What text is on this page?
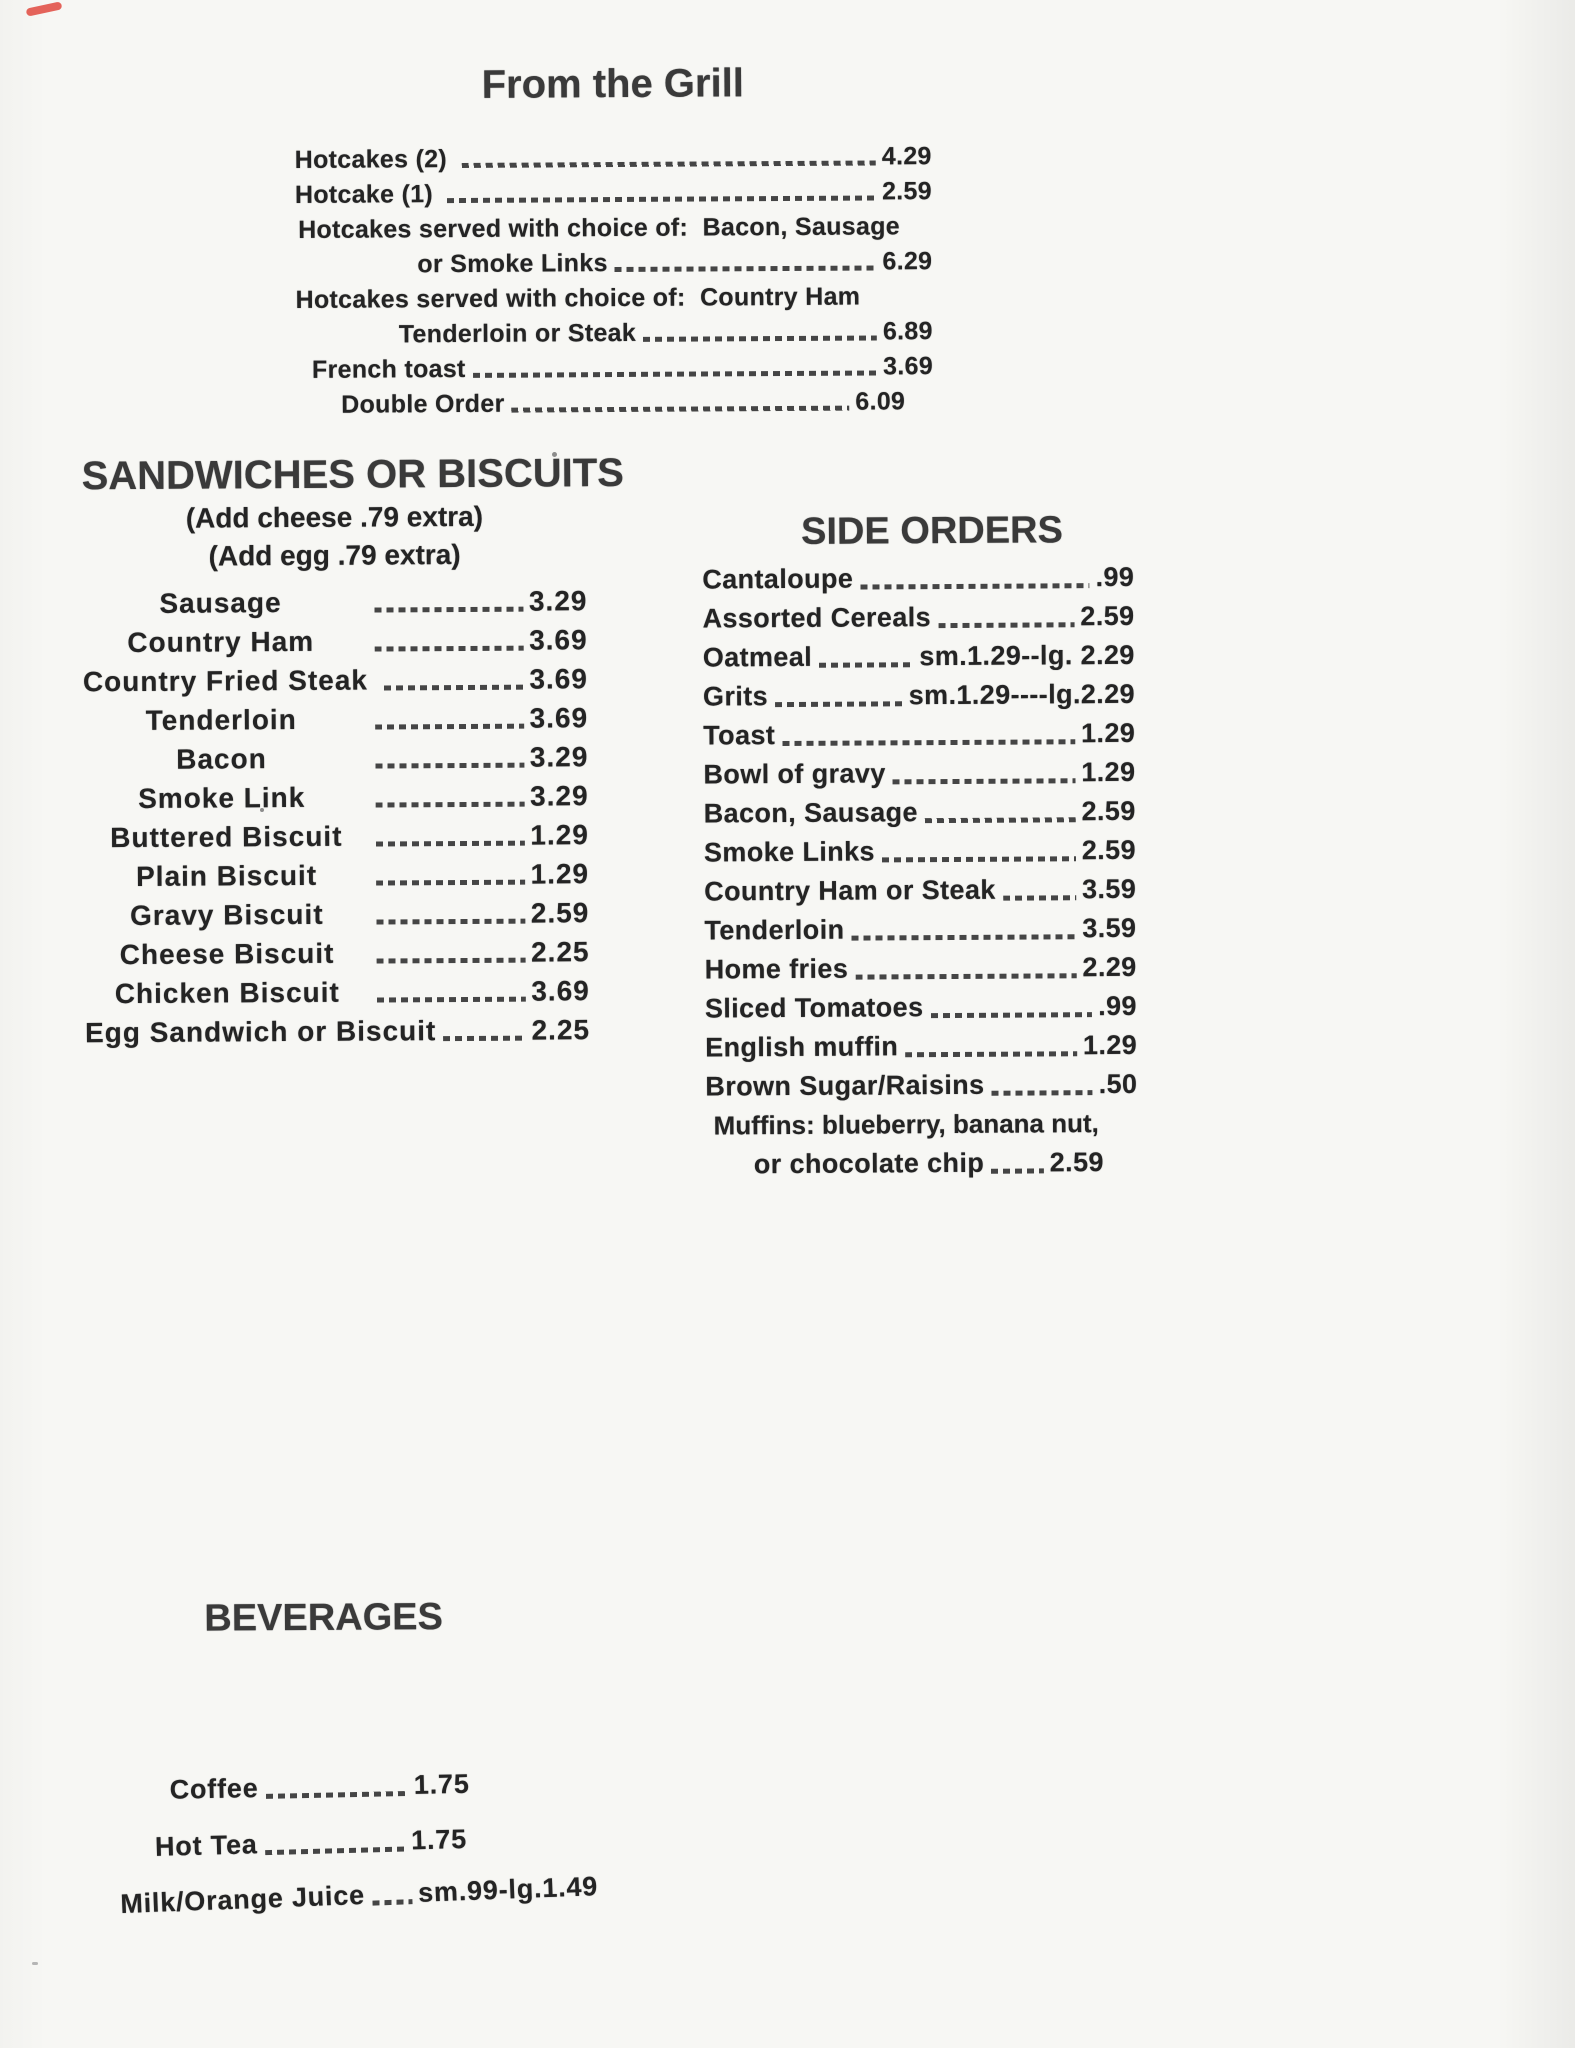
From the Grill
Hotcakes (2)	4.29
Hotcake (1)	2.59
Hotcakes served with choice of:  Bacon, Sausage
or Smoke Links	6.29
Hotcakes served with choice of:  Country Ham
Tenderloin or Steak	6.89
French toast	3.69
Double Order	6.09
SANDWICHES OR BISCUITS
(Add cheese .79 extra)
(Add egg .79 extra)
Sausage	3.29
Country Ham	3.69
Country Fried Steak	3.69
Tenderloin	3.69
Bacon	3.29
Smoke Link	3.29
Buttered Biscuit	1.29
Plain Biscuit	1.29
Gravy Biscuit	2.59
Cheese Biscuit	2.25
Chicken Biscuit	3.69
Egg Sandwich or Biscuit	2.25
SIDE ORDERS
Cantaloupe	.99
Assorted Cereals	2.59
Oatmeal	sm.1.29--lg. 2.29
Grits	sm.1.29----lg.2.29
Toast	1.29
Bowl of gravy	1.29
Bacon, Sausage	2.59
Smoke Links	2.59
Country Ham or Steak	3.59
Tenderloin	3.59
Home fries	2.29
Sliced Tomatoes	.99
English muffin	1.29
Brown Sugar/Raisins	.50
Muffins: blueberry, banana nut,
or chocolate chip 2.59
BEVERAGES
Coffee	1.75
Hot Tea	1.75
Milk/Orange Juice sm.99-lg.1.49
